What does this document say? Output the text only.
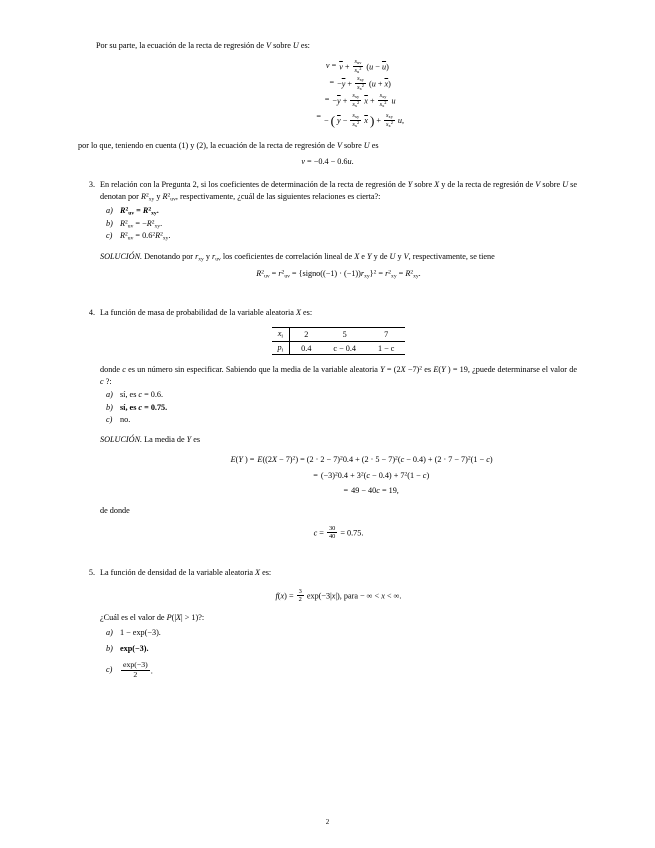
Por su parte, la ecuación de la recta de regresión de V sobre U es:

$v = \overline{v} + \frac{s_{uv}}{s_u^2} (u - \overline{u})$
= $-\overline{y} + \frac{s_{xy}}{s_x^2} (u + \overline{x})$
= $-\overline{y} + \frac{s_{xy}}{s_x^2} \overline{x} + \frac{s_{xy}}{s_x^2}$ u
= − ( $\overline{y} - \frac{s_{xy}}{s_x^2} \overline{x}$ ) + $\frac{s_{xy}}{s_x^2} u$,

por lo que, teniendo en cuenta (1) y (2), la ecuación de la recta de regresión de V sobre U es

v = −0.4 − 0.6u.
3. En relación con la Pregunta 2, si los coeficientes de determinación de la recta de regresión de Y sobre X y de la recta de regresión de V sobre U se denotan por $R^2_{xy}$ y $R^2_{uv}$, respectivamente, ¿cuál de las siguientes relaciones es cierta?:
a) $R^2_{uv} = R^2_{xy}$.
b) $R^2_{uv} = -R^2_{xy}$.
c) $R^2_{uv} = 0.6^2R^2_{xy}$.
SOLUCIÓN. Denotando por $r_{xy}$ y $r_{uv}$ los coeficientes de correlación lineal de X e Y y de U y V, respectivamente, se tiene
$R^2_{uv} = r^2_{uv}$ = {signo((−1) · $(-1))r_{xy}\}^2 = r^2_{xy} = R^2_{xy}$.
4. La función de masa de probabilidad de la variable aleatoria X es:
$x_i$	2	5	7
$p_i$	0.4	c − 0.4	1 − c
donde c es un número sin especificar. Sabiendo que la media de la variable aleatoria $Y = (2X -7)^2$ es E(Y ) = 19, ¿puede determinarse el valor de c ?:
a) sí, es c = 0.6.
b) sí, es c = 0.75.
c) no.
SOLUCIÓN. La media de Y es
E(Y ) = $E((2X - 7)^2) = (2 \cdot 2 - 7)^20.4 + (2 \cdot 5 - 7)^2(c - 0.4) + (2 \cdot 7 - 7)^2(1 - c)$
= $(-3)^20.4 + 3^2(c - 0.4) + 7^2(1 - c)$
= 49 − 40c = 19,
de donde
$c = \frac{30}{40} = 0.75$.
5. La función de densidad de la variable aleatoria X es:
$f(x) = \frac{3}{2} \exp(-3|x|)$, para − ∞ < x < ∞.
¿Cuál es el valor de P(|X| > 1)?:
a) 1 − exp(−3).
b) exp(−3).
$c) \frac{\exp(-3)}{2}$ .
2
